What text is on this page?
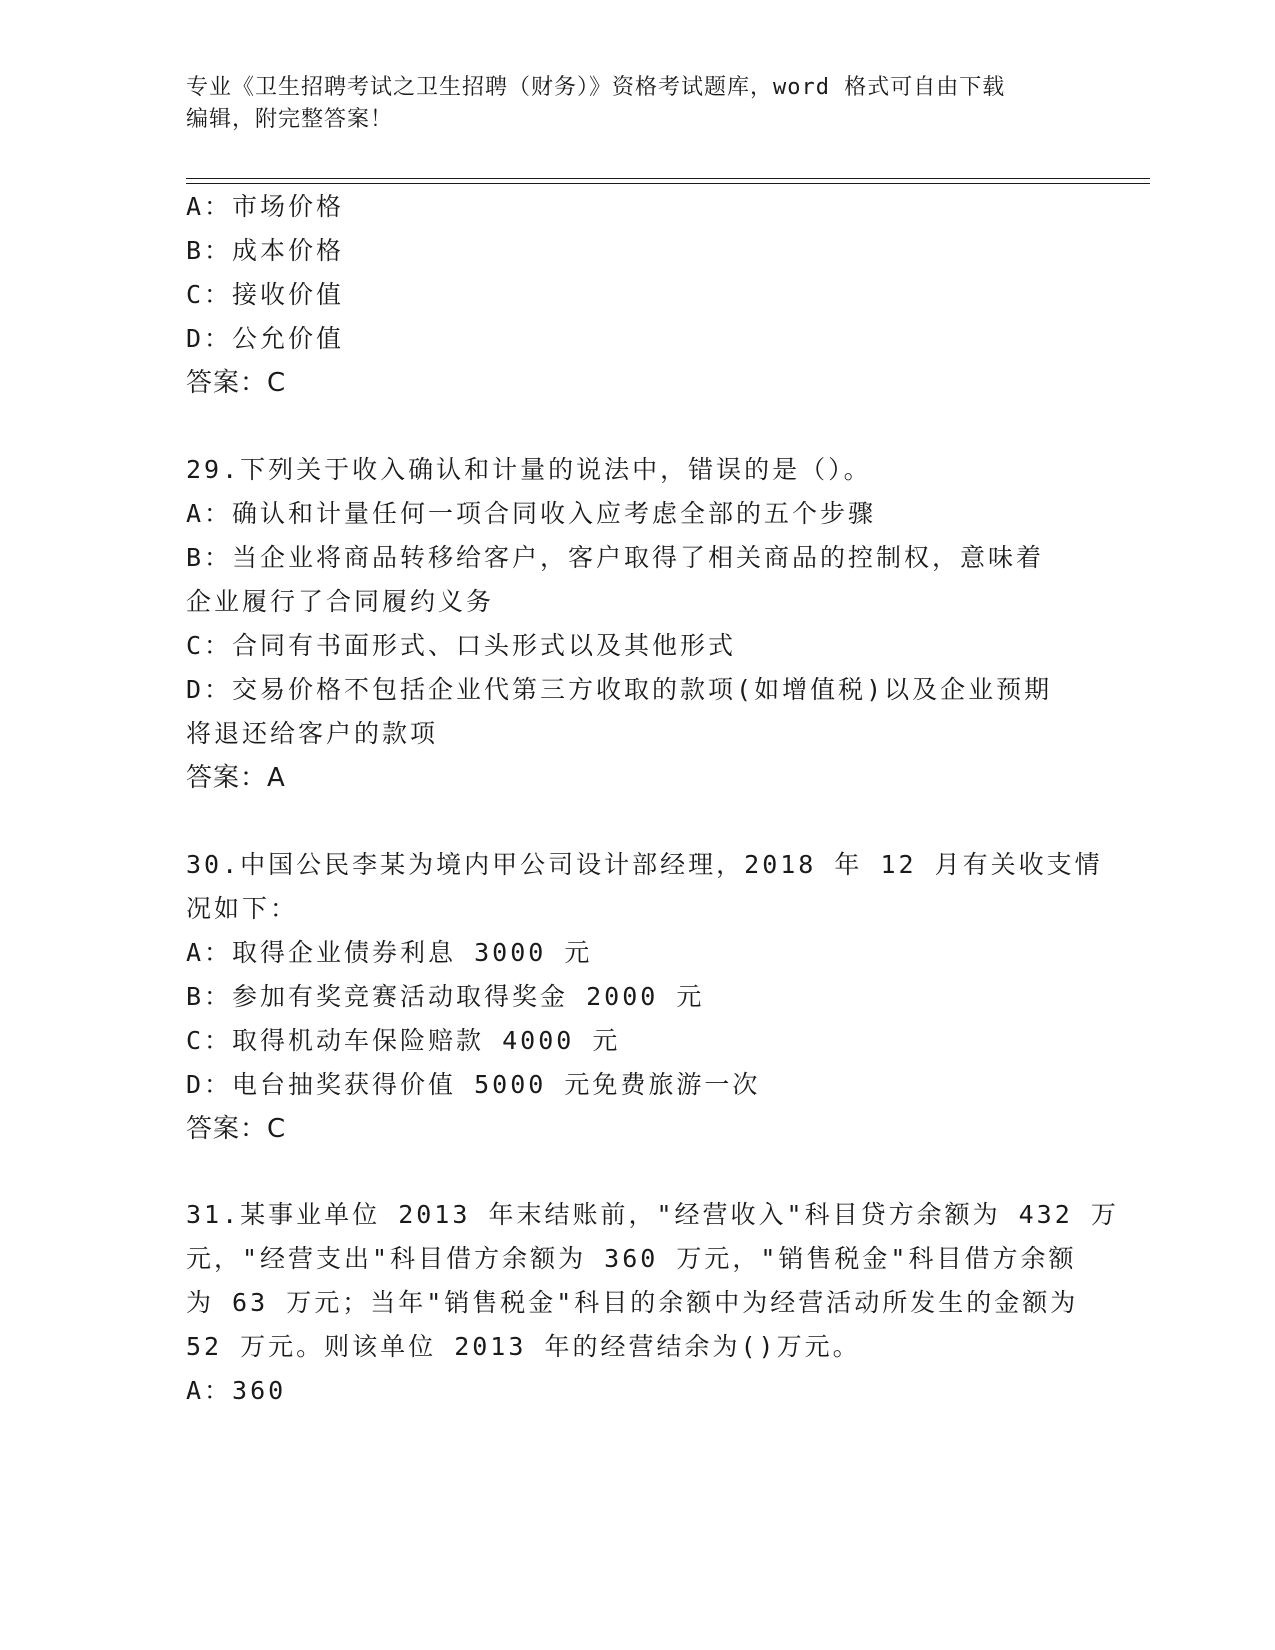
专业《卫生招聘考试之卫生招聘（财务）》资格考试题库，word 格式可自由下载
编辑，附完整答案！
A：市场价格
B：成本价格
C：接收价值
D：公允价值
答案：C
29.下列关于收入确认和计量的说法中，错误的是（）。
A：确认和计量任何一项合同收入应考虑全部的五个步骤
B：当企业将商品转移给客户，客户取得了相关商品的控制权，意味着
企业履行了合同履约义务
C：合同有书面形式、口头形式以及其他形式
D：交易价格不包括企业代第三方收取的款项(如增值税)以及企业预期
将退还给客户的款项
答案：A
30.中国公民李某为境内甲公司设计部经理，2018 年 12 月有关收支情
况如下：
A：取得企业债券利息 3000 元
B：参加有奖竞赛活动取得奖金 2000 元
C：取得机动车保险赔款 4000 元
D：电台抽奖获得价值 5000 元免费旅游一次
答案：C
31.某事业单位 2013 年末结账前，"经营收入"科目贷方余额为 432 万
元，"经营支出"科目借方余额为 360 万元，"销售税金"科目借方余额
为 63 万元；当年"销售税金"科目的余额中为经营活动所发生的金额为
52 万元。则该单位 2013 年的经营结余为()万元。
A：360
